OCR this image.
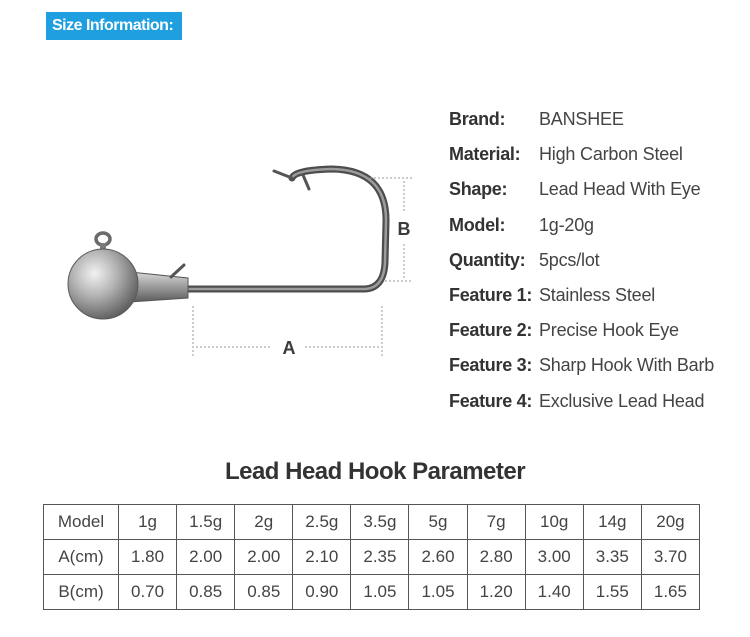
Size Information:
A
B
Brand: BANSHEE
Material: High Carbon Steel
Shape: Lead Head With Eye
Model: 1g-20g
Quantity: 5pcs/lot
Feature 1: Stainless Steel
Feature 2: Precise Hook Eye
Feature 3: Sharp Hook With Barb
Feature 4: Exclusive Lead Head
Lead Head Hook Parameter
Model	1g	1.5g	2g	2.5g	3.5g	5g	7g	10g	14g	20g
A(cm)	1.80	2.00	2.00	2.10	2.35	2.60	2.80	3.00	3.35	3.70
B(cm)	0.70	0.85	0.85	0.90	1.05	1.05	1.20	1.40	1.55	1.65
